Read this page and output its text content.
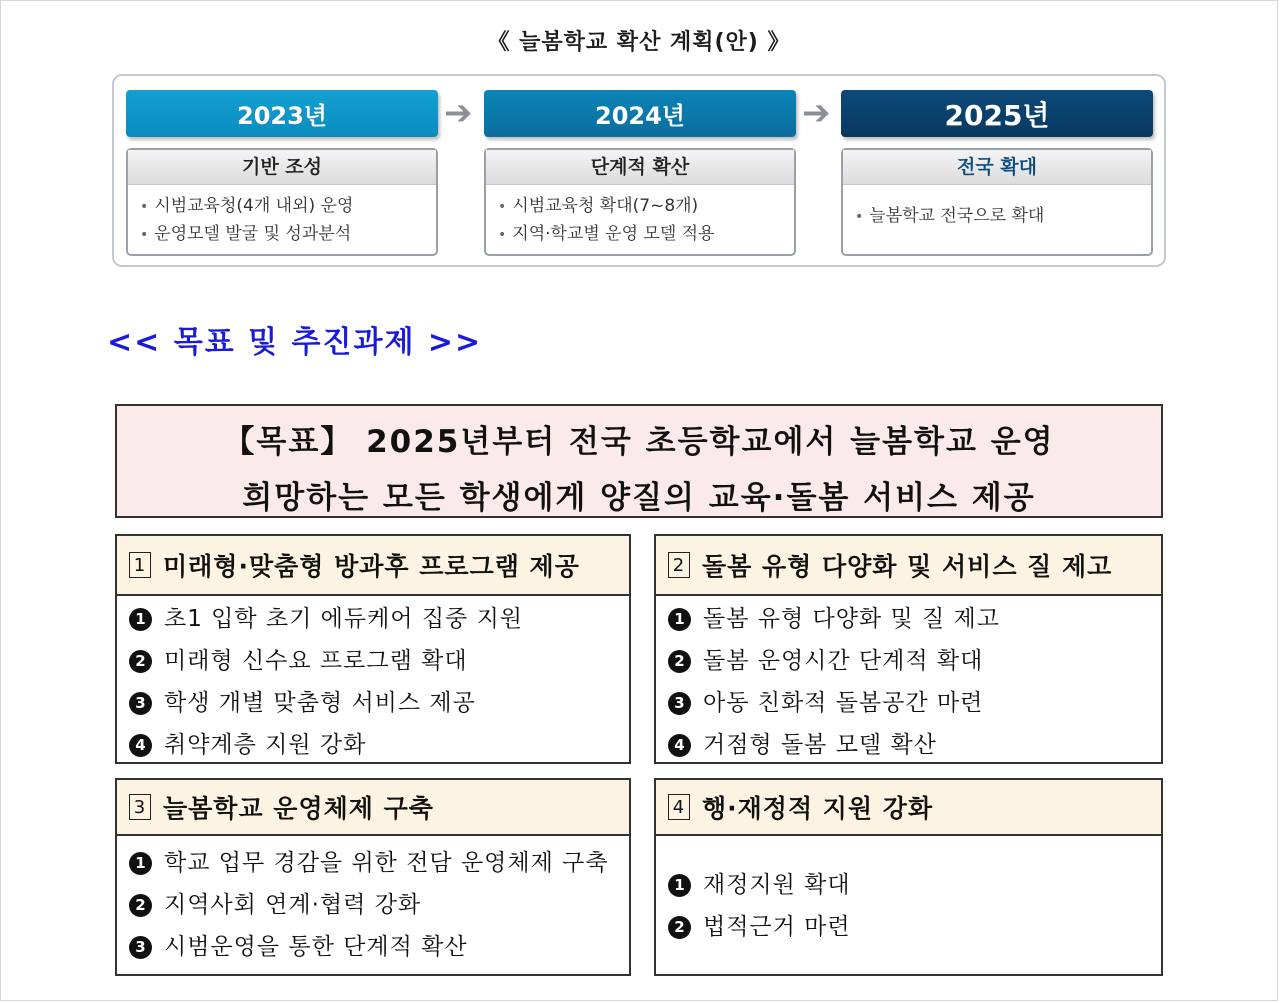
《 늘봄학교 확산 계획(안) 》
2023년	➔	2024년	➔	2025년
기반 조성
• 시범교육청(4개 내외) 운영
• 운영모델 발굴 및 성과분석
단계적 확산
• 시범교육청 확대(7~8개)
• 지역·학교별 운영 모델 적용
전국 확대
• 늘봄학교 전국으로 확대
<< 목표 및 추진과제 >>
【목표】 2025년부터 전국 초등학교에서 늘봄학교 운영
희망하는 모든 학생에게 양질의 교육·돌봄 서비스 제공
1 미래형·맞춤형 방과후 프로그램 제공
1 초1 입학 초기 에듀케어 집중 지원
2 미래형 신수요 프로그램 확대
3 학생 개별 맞춤형 서비스 제공
4 취약계층 지원 강화
2 돌봄 유형 다양화 및 서비스 질 제고
1 돌봄 유형 다양화 및 질 제고
2 돌봄 운영시간 단계적 확대
3 아동 친화적 돌봄공간 마련
4 거점형 돌봄 모델 확산
3 늘봄학교 운영체제 구축
1 학교 업무 경감을 위한 전담 운영체제 구축
2 지역사회 연계·협력 강화
3 시범운영을 통한 단계적 확산
4 행·재정적 지원 강화
1 재정지원 확대
2 법적근거 마련
